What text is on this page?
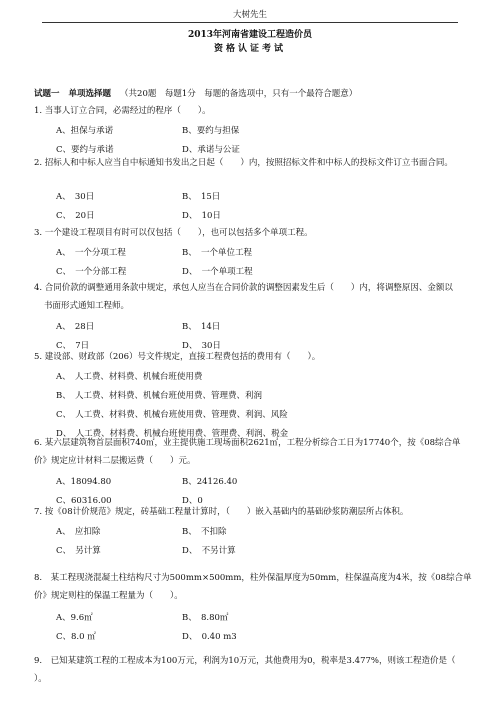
大树先生
2013年河南省建设工程造价员
资格认证考试
试题一 单项选择题 （共20题　每题1分　每题的备选项中，只有一个最符合题意）
1. 当事人订立合同，必需经过的程序（　　）。
A、担保与承诺	B、要约与担保
C、要约与承诺	D、承诺与公证
2. 招标人和中标人应当自中标通知书发出之日起（　　）内，按照招标文件和中标人的投标文件订立书面合同。
A、　30日	B、　15日
C、　20日	D、　10日
3. 一个建设工程项目有时可以仅包括（　　），也可以包括多个单项工程。
A、　一个分项工程	B、　一个单位工程
C、　一个分部工程	D、　一个单项工程
4. 合同价款的调整通用条款中规定，承包人应当在合同价款的调整因素发生后（　　）内，将调整原因、金额以
书面形式通知工程师。
A、　28日	B、　14日
C、　7日	D、　30日
5. 建设部、财政部（206）号文件规定，直接工程费包括的费用有（　　）。
A、　人工费、材料费、机械台班使用费
B、　人工费、材料费、机械台班使用费、管理费、利润
C、　人工费、材料费、机械台班使用费、管理费、利润、风险
D、　人工费、材料费、机械台班使用费、管理费、利润、税金
6. 某六层建筑物首层面积740㎡，业主提供施工现场面积2621㎡，工程分析综合工日为17740个，按《08综合单
价》规定应计材料二层搬运费（　　）元。
A、18094.80	B、24126.40
C、60316.00	D、0
7. 按《08计价规范》规定，砖基础工程量计算时，（　　）嵌入基础内的基础砂浆防潮层所占体积。
A、　应扣除	B、　不扣除
C、　另计算	D、　不另计算
8.　某工程现浇混凝土柱结构尺寸为500mm×500mm，柱外保温厚度为50mm，柱保温高度为4米，按《08综合单
价》规定则柱的保温工程量为（　　）。
A、9.6㎡	B、　8.80㎡
C、8.0 ㎡	D、　0.40 m3
9.　已知某建筑工程的工程成本为100万元，利润为10万元，其他费用为0，税率是3.477%，则该工程造价是（
）。
